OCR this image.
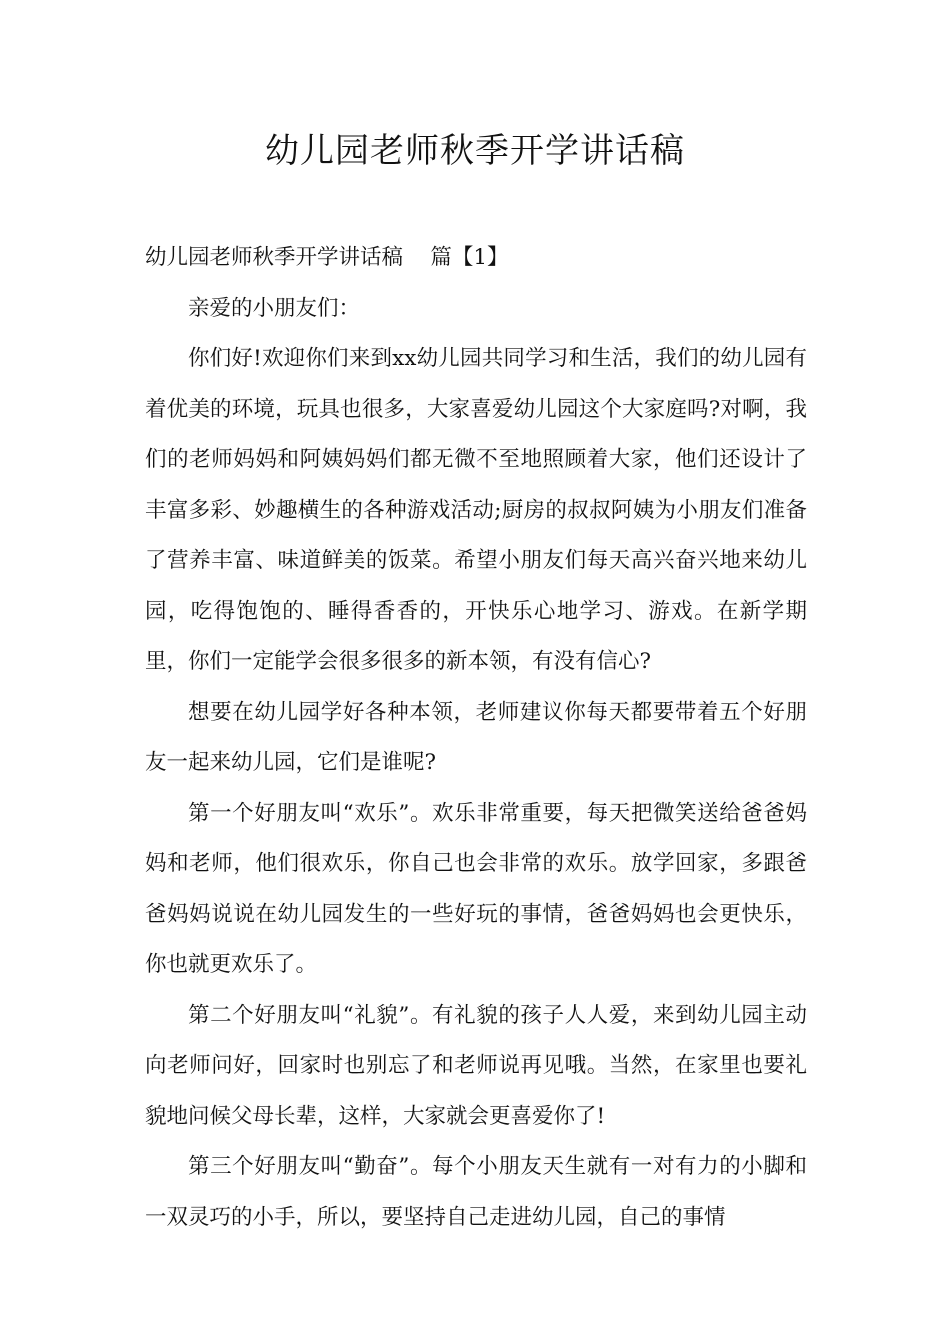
幼儿园老师秋季开学讲话稿

幼儿园老师秋季开学讲话稿    篇【1】

亲爱的小朋友们：

你们好!欢迎你们来到xx幼儿园共同学习和生活，我们的幼儿园有着优美的环境，玩具也很多，大家喜爱幼儿园这个大家庭吗?对啊，我们的老师妈妈和阿姨妈妈们都无微不至地照顾着大家，他们还设计了丰富多彩、妙趣横生的各种游戏活动;厨房的叔叔阿姨为小朋友们准备了营养丰富、味道鲜美的饭菜。希望小朋友们每天高兴奋兴地来幼儿园，吃得饱饱的、睡得香香的，开快乐心地学习、游戏。在新学期里，你们一定能学会很多很多的新本领，有没有信心?

想要在幼儿园学好各种本领，老师建议你每天都要带着五个好朋友一起来幼儿园，它们是谁呢?

第一个好朋友叫“欢乐”。欢乐非常重要，每天把微笑送给爸爸妈妈和老师，他们很欢乐，你自己也会非常的欢乐。放学回家，多跟爸爸妈妈说说在幼儿园发生的一些好玩的事情，爸爸妈妈也会更快乐，你也就更欢乐了。

第二个好朋友叫“礼貌”。有礼貌的孩子人人爱，来到幼儿园主动向老师问好，回家时也别忘了和老师说再见哦。当然，在家里也要礼貌地问候父母长辈，这样，大家就会更喜爱你了!

第三个好朋友叫“勤奋”。每个小朋友天生就有一对有力的小脚和一双灵巧的小手，所以，要坚持自己走进幼儿园，自己的事情
